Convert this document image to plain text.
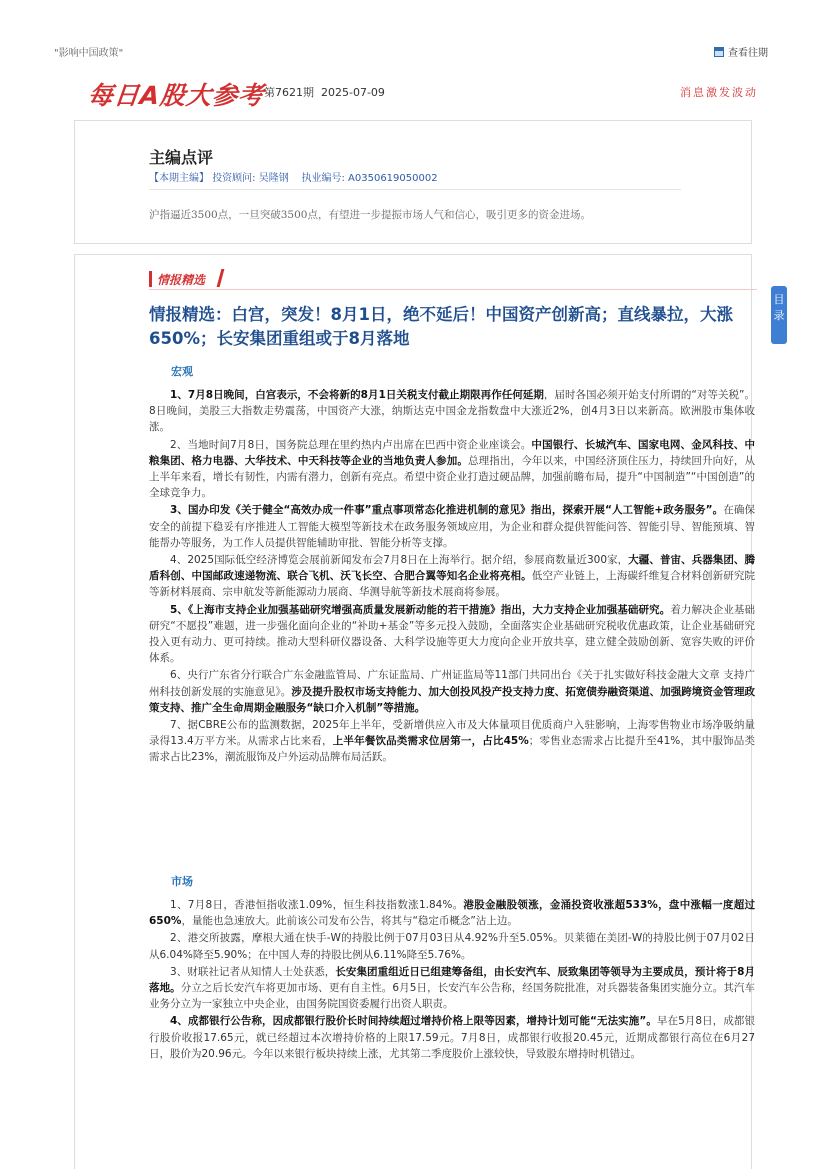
"影响中国政策"	查看往期
每日A股大参考
第7621期 2025-07-09	消息激发波动
主编点评
【本期主编】 投资顾问: 吴隆钢 执业编号: A0350619050002
沪指逼近3500点，一旦突破3500点，有望进一步提振市场人气和信心，吸引更多的资金进场。
情报精选
情报精选：白宫，突发！8月1日，绝不延后！中国资产创新高；直线暴拉，大涨650%；长安集团重组或于8月落地
宏观

1、7月8日晚间，白宫表示，不会将新的8月1日关税支付截止期限再作任何延期，届时各国必须开始支付所谓的“对等关税”。8日晚间，美股三大指数走势震荡，中国资产大涨，纳斯达克中国金龙指数盘中大涨近2%，创4月3日以来新高。欧洲股市集体收涨。

2、当地时间7月8日，国务院总理在里约热内卢出席在巴西中资企业座谈会。中国银行、长城汽车、国家电网、金风科技、中粮集团、格力电器、大华技术、中天科技等企业的当地负责人参加。总理指出，今年以来，中国经济顶住压力，持续回升向好，从上半年来看，增长有韧性，内需有潜力，创新有亮点。希望中资企业打造过硬品牌，加强前瞻布局，提升“中国制造”“中国创造”的全球竞争力。

3、国办印发《关于健全“高效办成一件事”重点事项常态化推进机制的意见》指出，探索开展“人工智能+政务服务”。在确保安全的前提下稳妥有序推进人工智能大模型等新技术在政务服务领域应用，为企业和群众提供智能问答、智能引导、智能预填、智能帮办等服务，为工作人员提供智能辅助审批、智能分析等支撑。

4、2025国际低空经济博览会展前新闻发布会7月8日在上海举行。据介绍，参展商数量近300家，大疆、普宙、兵器集团、腾盾科创、中国邮政速递物流、联合飞机、沃飞长空、合肥合翼等知名企业将亮相。低空产业链上，上海碳纤维复合材料创新研究院等新材料展商、宗申航发等新能源动力展商、华测导航等新技术展商将参展。

5、《上海市支持企业加强基础研究增强高质量发展新动能的若干措施》指出，大力支持企业加强基础研究。着力解决企业基础研究“不愿投”难题，进一步强化面向企业的“补助+基金”等多元投入鼓励，全面落实企业基础研究税收优惠政策，让企业基础研究投入更有动力、更可持续。推动大型科研仪器设备、大科学设施等更大力度向企业开放共享，建立健全鼓励创新、宽容失败的评价体系。

6、央行广东省分行联合广东金融监管局、广东证监局、广州证监局等11部门共同出台《关于扎实做好科技金融大文章 支持广州科技创新发展的实施意见》。涉及提升股权市场支持能力、加大创投风投产投支持力度、拓宽债券融资渠道、加强跨境资金管理政策支持、推广全生命周期金融服务“缺口介入机制”等措施。

7、据CBRE公布的监测数据，2025年上半年，受新增供应入市及大体量项目优质商户入驻影响，上海零售物业市场净吸纳量录得13.4万平方米。从需求占比来看，上半年餐饮品类需求位居第一，占比45%；零售业态需求占比提升至41%，其中服饰品类需求占比23%，潮流服饰及户外运动品牌布局活跃。

市场

1、7月8日，香港恒指收涨1.09%，恒生科技指数涨1.84%。港股金融股领涨，金涌投资收涨超533%，盘中涨幅一度超过650%，量能也急速放大。此前该公司发布公告，将其与“稳定币概念”沾上边。

2、港交所披露，摩根大通在快手-W的持股比例于07月03日从4.92%升至5.05%。贝莱德在美团-W的持股比例于07月02日从6.04%降至5.90%；在中国人寿的持股比例从6.11%降至5.76%。

3、财联社记者从知情人士处获悉，长安集团重组近日已组建筹备组，由长安汽车、辰致集团等领导为主要成员，预计将于8月落地。分立之后长安汽车将更加市场、更有自主性。6月5日，长安汽车公告称，经国务院批准，对兵器装备集团实施分立。其汽车业务分立为一家独立中央企业，由国务院国资委履行出资人职责。

4、成都银行公告称，因成都银行股价长时间持续超过增持价格上限等因素，增持计划可能“无法实施”。早在5月8日，成都银行股价收报17.65元，就已经超过本次增持价格的上限17.59元。7月8日，成都银行收报20.45元，近期成都银行高位在6月27日，股价为20.96元。今年以来银行板块持续上涨，尤其第二季度股价上涨较快，导致股东增持时机错过。

目录
